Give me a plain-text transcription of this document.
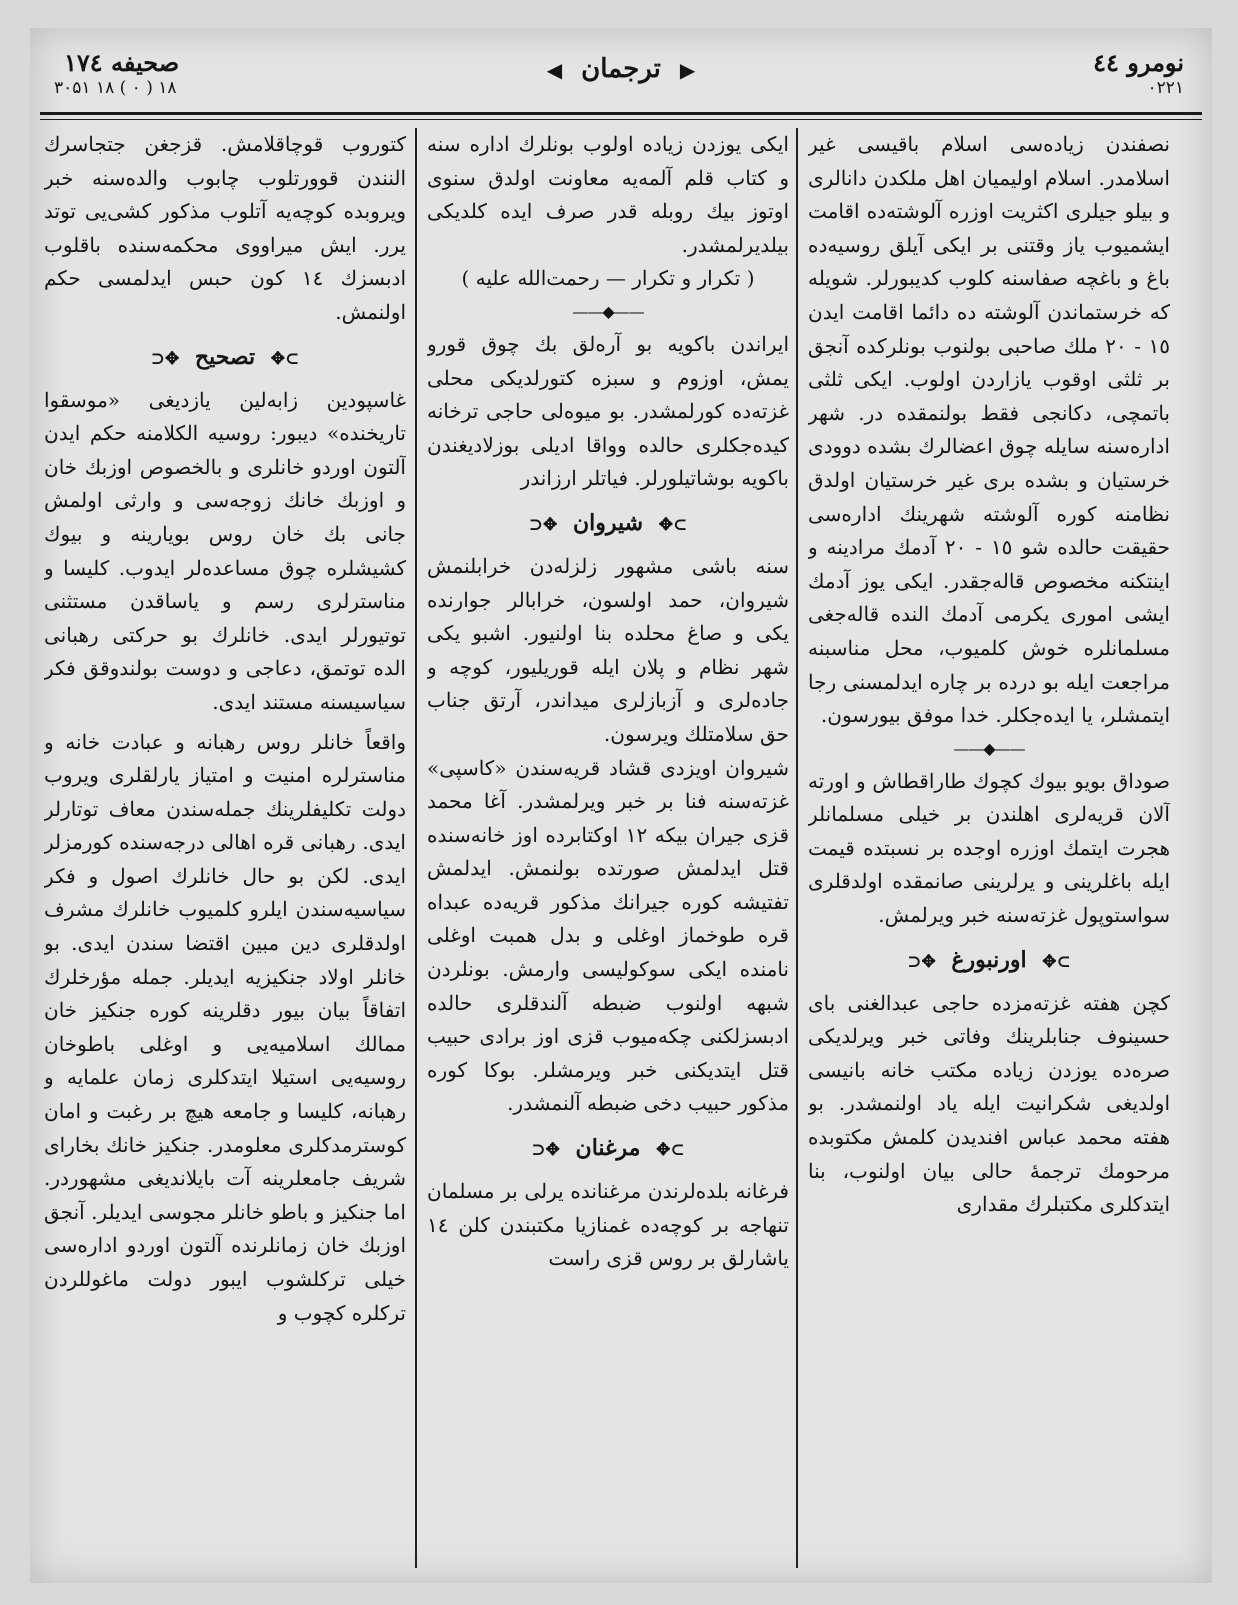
نومرو ٤٤
۰۲۲۱
▶ ترجمان ◀
صحیفه ١٧٤
۱۸ ( ۰ ) ۱۸ ۳۰۵۱

نصفندن زیادەسی اسلام باقیسی غیر اسلامدر. اسلام اولیمیان اهل ملکدن دانالری و بیلو جیلری اکثریت اوزره آلوشتەده اقامت ایشمیوب یاز وقتنی بر ایکی آیلق روسیەده باغ و باغچه صفاسنه کلوب کدیبورلر. شویله که خرستماندن آلوشته ده دائما اقامت ایدن ١٥ - ٢٠ ملك صاحبی بولنوب بونلرکده آنجق بر ثلثی اوقوب یازاردن اولوب. ایکی ثلثی باتمچی، دکانجی فقط بولنمقده در. شهر اداره‌سنه سایله چوق اعضالرك بشده دوودی خرستیان و بشده بری غیر خرستیان اولدق نظامنه کوره آلوشته شهرینك اداره‌سی حقیقت حالده شو ١٥ - ٢٠ آدمك مرادینه و اینتکنه مخصوص قاله‌جقدر. ایکی یوز آدمك ایشی اموری یکرمی آدمك النده قاله‌جغی مسلمانلره خوش کلمیوب، محل مناسبنه مراجعت ایله بو درده بر چاره ایدلمسنی رجا ایتمشلر، یا ایده‌جکلر. خدا موفق بیورسون.

——◆——

صوداق بویو بیوك کچوك طاراقطاش و اورته آلان قریه‌لری اهلندن بر خیلی مسلمانلر هجرت ایتمك اوزره اوجده بر نسبتده قیمت ایله باغلرینی و یرلرینی صانمقده اولدقلری سواستوپول غزته‌سنه خبر ویرلمش.

⊃✥ اورنبورغ ✥⊂

کچن هفته غزته‌مزده حاجی عبدالغنی بای حسینوف جنابلرینك وفاتی خبر ویرلدیکی صره‌ده یوزدن زیاده مکتب خانه بانیسی اولدیغی شکرانیت ایله یاد اولنمشدر. بو هفته محمد عباس افندیدن کلمش مکتوبده مرحومك ترجمهٔ حالی بیان اولنوب، بنا ایتدکلری مکتبلرك مقداری

ایکی یوزدن زیاده اولوب بونلرك اداره سنه و کتاب قلم آلمه‌یه معاونت اولدق سنوی اوتوز بیك روبله قدر صرف ایده کلدیکی بیلدیرلمشدر.

( تکرار و تکرار — رحمت‌الله علیه )

——◆——

ایراندن باکویه بو آره‌لق بك چوق قورو یمش، اوزوم و سبزه کتورلدیکی محلی غزته‌ده کورلمشدر. بو میوه‌لی حاجی ترخانه کیده‌جکلری حالده وواقا ادیلی بوزلادیغندن باکویه بوشاتیلورلر. فیاتلر ارزاندر

⊃✥ شیروان ✥⊂

سنه باشی مشهور زلزله‌دن خرابلنمش شیروان، حمد اولسون، خرابالر جوارنده یکی و صاغ محلده بنا اولنیور. اشبو یکی شهر نظام و پلان ایله قوریلیور، کوچه و جاده‌لری و آزبازلری میداندر، آرتق جناب حق سلامتلك ویرسون.

شیروان اویزدی قشاد قریه‌سندن «کاسپی» غزته‌سنه فنا بر خبر ویرلمشدر. آغا محمد قزی جیران بیکه ١٢ اوکتابرده اوز خانه‌سنده قتل ایدلمش صورتده بولنمش. ایدلمش تفتیشه کوره جیرانك مذکور قریه‌ده عبداه قره طوخماز اوغلی و بدل همبت اوغلی نامنده ایکی سوکولیسی وارمش. بونلردن شبهه اولنوب ضبطه آلندقلری حالده ادبسزلکنی چکه‌میوب قزی اوز برادی حبیب قتل ایتدیکنی خبر ویرمشلر. بوکا کوره مذکور حبیب دخی ضبطه آلنمشدر.

⊃✥ مرغنان ✥⊂

فرغانه بلده‌لرندن مرغنانده یرلی بر مسلمان تنهاجه بر کوچه‌ده غمنازیا مکتبندن کلن ١٤ یاشارلق بر روس قزی راست

کتوروب قوچاقلامش. قزجغن جتجاسرك النندن قوورتلوب چابوب والده‌سنه خبر ویروبده کوچه‌یه آتلوب مذکور کشی‌یی توتد یرر. ایش میراووی محکمه‌سنده باقلوب ادبسزك ١٤ کون حبس ایدلمسی حکم اولنمش.

⊃✥ تصحیح ✥⊂

غاسپودین زابه‌لین یازدیغی «موسقوا تاریخنده» دیبور: روسیه الکلامنه حکم ایدن آلتون اوردو خانلری و بالخصوص اوزبك خان و اوزبك خانك زوجه‌سی و وارثی اولمش جانی بك خان روس بویارینه و بیوك کشیشلره چوق مساعده‌لر ایدوب. کلیسا و مناسترلری رسم و یاساقدن مستثنی توتیورلر ایدی. خانلرك بو حرکتی رهبانی الده توتمق، دعاجی و دوست بولندوقق فکر سیاسیسنه مستند ایدی.

واقعاً خانلر روس رهبانه و عبادت خانه و مناسترلره امنیت و امتیاز یارلقلری ویروب دولت تکلیفلرینك جمله‌سندن معاف توتارلر ایدی. رهبانی قره اهالی درجه‌سنده کورمزلر ایدی. لکن بو حال خانلرك اصول و فکر سیاسیه‌سندن ایلرو کلمیوب خانلرك مشرف اولدقلری دین مبین اقتضا سندن ایدی. بو خانلر اولاد جنکیزیه ایدیلر. جمله مؤرخلرك اتفاقاً بیان بیور دقلرینه کوره جنکیز خان ممالك اسلامیه‌یی و اوغلی باطوخان روسیه‌یی استیلا ایتدکلری زمان علمایه و رهبانه، کلیسا و جامعه هیچ بر رغبت و امان کوسترمدکلری معلومدر. جنکیز خانك بخارای شریف جامعلرینه آت بایلاندیغی مشهوردر. اما جنکیز و باطو خانلر مجوسی ایدیلر. آنجق اوزبك خان زمانلرنده آلتون اوردو اداره‌سی خیلی ترکلشوب ایبور دولت ماغوللردن ترکلره کچوب و
